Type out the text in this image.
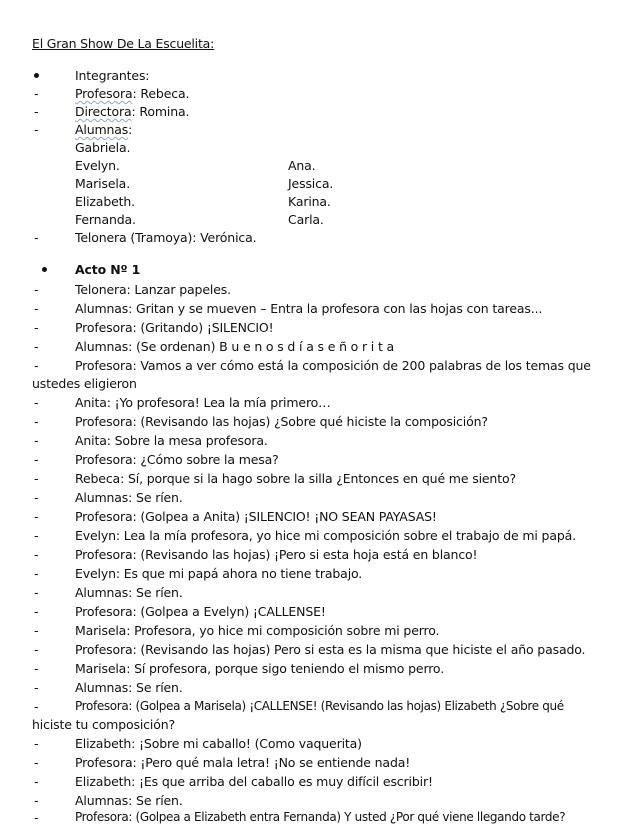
El Gran Show De La Escuelita:
Integrantes:
-	Profesora: Rebeca.
-	Directora: Romina.
-	Alumnas:
Gabriela.
Evelyn.	Ana.
Marisela.	Jessica.
Elizabeth.	Karina.
Fernanda.	Carla.
-	Telonera (Tramoya): Verónica.
Acto Nº 1
-	Telonera: Lanzar papeles.
-	Alumnas: Gritan y se mueven – Entra la profesora con las hojas con tareas...
-	Profesora: (Gritando) ¡SILENCIO!
-	Alumnas: (Se ordenan) B u e n o s d í a s e ñ o r i t a
-	Profesora: Vamos a ver cómo está la composición de 200 palabras de los temas que
ustedes eligieron
-	Anita: ¡Yo profesora! Lea la mía primero…
-	Profesora: (Revisando las hojas) ¿Sobre qué hiciste la composición?
-	Anita: Sobre la mesa profesora.
-	Profesora: ¿Cómo sobre la mesa?
-	Rebeca: Sí, porque si la hago sobre la silla ¿Entonces en qué me siento?
-	Alumnas: Se ríen.
-	Profesora: (Golpea a Anita) ¡SILENCIO! ¡NO SEAN PAYASAS!
-	Evelyn: Lea la mía profesora, yo hice mi composición sobre el trabajo de mi papá.
-	Profesora: (Revisando las hojas) ¡Pero si esta hoja está en blanco!
-	Evelyn: Es que mi papá ahora no tiene trabajo.
-	Alumnas: Se ríen.
-	Profesora: (Golpea a Evelyn) ¡CALLENSE!
-	Marisela: Profesora, yo hice mi composición sobre mi perro.
-	Profesora: (Revisando las hojas) Pero si esta es la misma que hiciste el año pasado.
-	Marisela: Sí profesora, porque sigo teniendo el mismo perro.
-	Alumnas: Se ríen.
-	Profesora: (Golpea a Marisela) ¡CALLENSE! (Revisando las hojas) Elizabeth ¿Sobre qué
hiciste tu composición?
-	Elizabeth: ¡Sobre mi caballo! (Como vaquerita)
-	Profesora: ¡Pero qué mala letra! ¡No se entiende nada!
-	Elizabeth: ¡Es que arriba del caballo es muy difícil escribir!
-	Alumnas: Se ríen.
-	Profesora: (Golpea a Elizabeth entra Fernanda) Y usted ¿Por qué viene llegando tarde?
